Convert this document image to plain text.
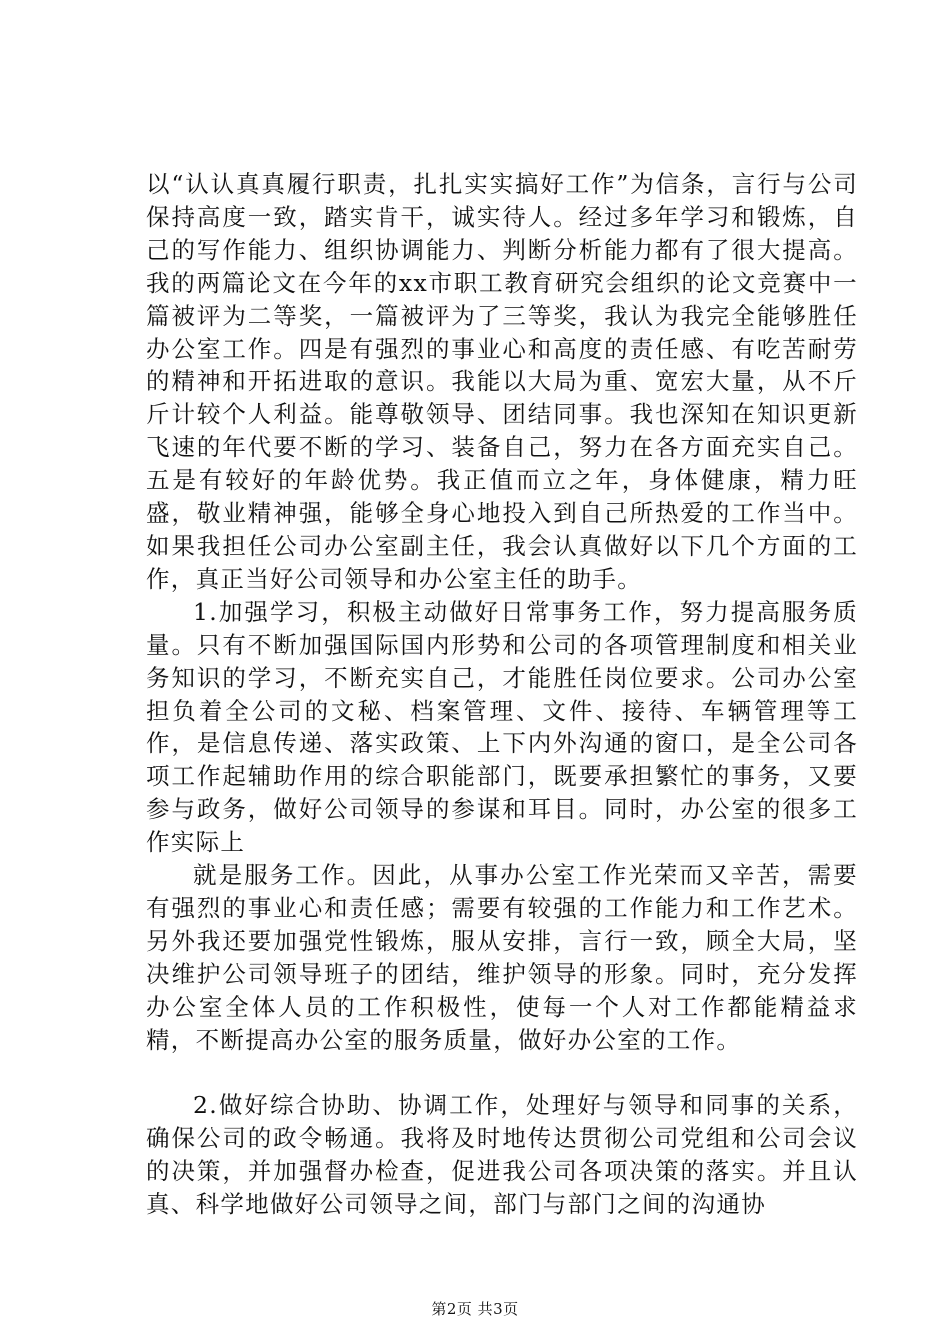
以“认认真真履行职责，扎扎实实搞好工作”为信条，言行与公司保持高度一致，踏实肯干，诚实待人。经过多年学习和锻炼，自己的写作能力、组织协调能力、判断分析能力都有了很大提高。我的两篇论文在今年的xx市职工教育研究会组织的论文竞赛中一篇被评为二等奖，一篇被评为了三等奖，我认为我完全能够胜任办公室工作。四是有强烈的事业心和高度的责任感、有吃苦耐劳的精神和开拓进取的意识。我能以大局为重、宽宏大量，从不斤斤计较个人利益。能尊敬领导、团结同事。我也深知在知识更新飞速的年代要不断的学习、装备自己，努力在各方面充实自己。五是有较好的年龄优势。我正值而立之年，身体健康，精力旺盛，敬业精神强，能够全身心地投入到自己所热爱的工作当中。如果我担任公司办公室副主任，我会认真做好以下几个方面的工作，真正当好公司领导和办公室主任的助手。

1.加强学习，积极主动做好日常事务工作，努力提高服务质量。只有不断加强国际国内形势和公司的各项管理制度和相关业务知识的学习，不断充实自己，才能胜任岗位要求。公司办公室担负着全公司的文秘、档案管理、文件、接待、车辆管理等工作，是信息传递、落实政策、上下内外沟通的窗口，是全公司各项工作起辅助作用的综合职能部门，既要承担繁忙的事务，又要参与政务，做好公司领导的参谋和耳目。同时，办公室的很多工作实际上

就是服务工作。因此，从事办公室工作光荣而又辛苦，需要有强烈的事业心和责任感；需要有较强的工作能力和工作艺术。另外我还要加强党性锻炼，服从安排，言行一致，顾全大局，坚决维护公司领导班子的团结，维护领导的形象。同时，充分发挥办公室全体人员的工作积极性，使每一个人对工作都能精益求精，不断提高办公室的服务质量，做好办公室的工作。

2.做好综合协助、协调工作，处理好与领导和同事的关系，确保公司的政令畅通。我将及时地传达贯彻公司党组和公司会议的决策，并加强督办检查，促进我公司各项决策的落实。并且认真、科学地做好公司领导之间，部门与部门之间的沟通协

第2页 共3页
